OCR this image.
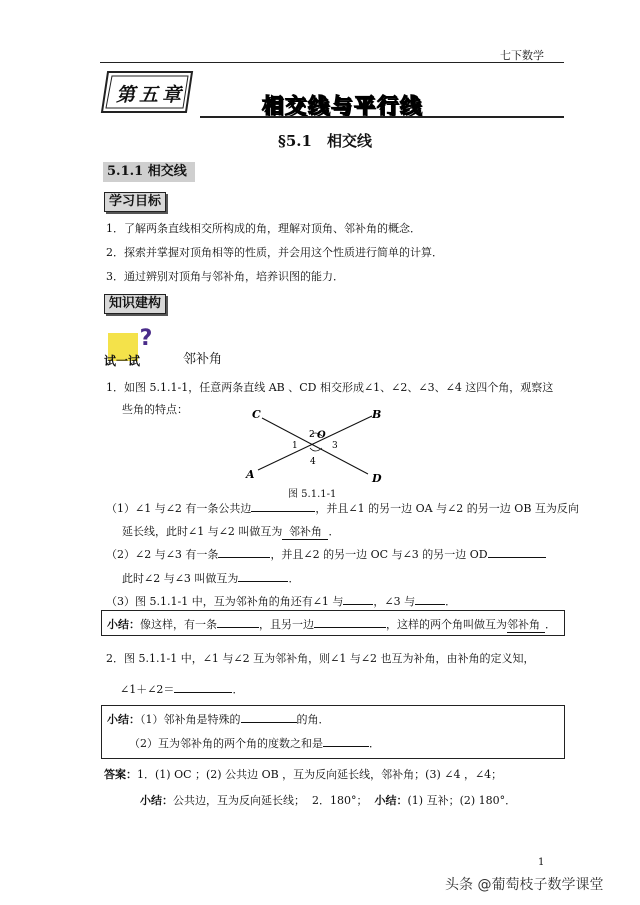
七下数学
第五章	相交线与平行线
§5.1　相交线
5.1.1 相交线
学习目标
1．了解两条直线相交所构成的角，理解对顶角、邻补角的概念．
2．探索并掌握对顶角相等的性质，并会用这个性质进行简单的计算．
3．通过辨别对顶角与邻补角，培养识图的能力．
知识建构
?
试一试	邻补角
1．如图 5.1.1-1，任意两条直线 AB 、CD 相交形成∠1、∠2、∠3、∠4 这四个角，观察这
些角的特点：	C	B
A	D
O
1
2
3
4
图 5.1.1-1
（1）∠1 与∠2 有一条公共边	，并且∠1 的另一边 OA 与∠2 的另一边 OB 互为反向
延长线，此时∠1 与∠2 叫做互为 邻补角 ．
（2）∠2 与∠3 有一条	，并且∠2 的另一边 OC 与∠3 的另一边 OD
此时∠2 与∠3 叫做互为	．
（3）图 5.1.1-1 中，互为邻补角的角还有∠1 与	，∠3 与	．
小结：像这样，有一条	，且另一边	，这样的两个角叫做互为邻补角 ．
2．图 5.1.1-1 中，∠1 与∠2 互为邻补角，则∠1 与∠2 也互为补角，由补角的定义知，
∠1＋∠2＝	．
小结：（1）邻补角是特殊的	的角．
（2）互为邻补角的两个角的度数之和是	．
答案：1．(1) OC ；(2) 公共边 OB ，互为反向延长线，邻补角；(3) ∠4 ，∠4；
小结：公共边，互为反向延长线； 2．180°； 小结：(1) 互补；(2) 180°．
1
头条 @葡萄枝子数学课堂
